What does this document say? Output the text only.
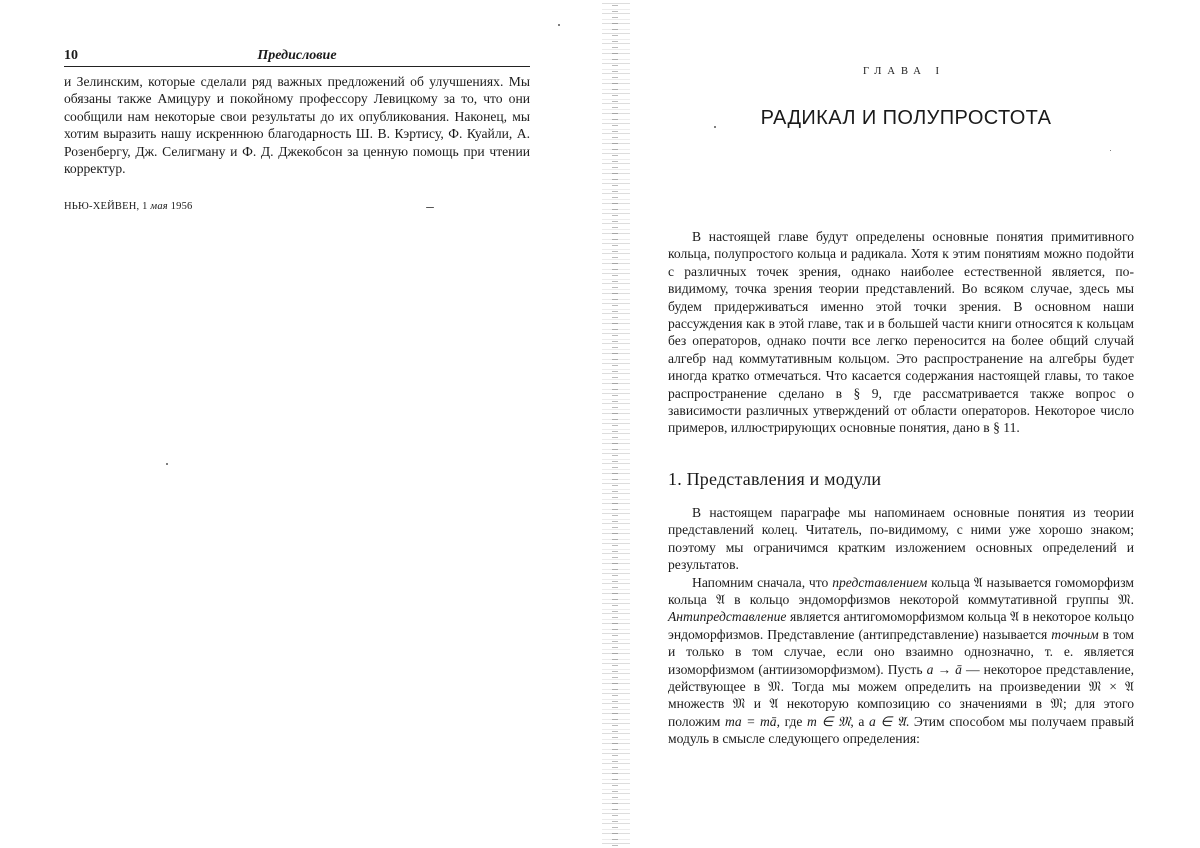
10	Предисловие

и Зелинским, которые сделали ряд важных предложений об улучшениях. Мы обязаны также Амицуру и покойному профессору Левицкому за то, что они сообщили нам некоторые свои результаты до их опубликования. Наконец, мы хотим выразить нашу искреннюю благодарность Ш. В. Кэртису, Ф. Куайли, А. Розенбергу, Дж. Селигману и Ф. Д. Джекобсон за ценную помощь при чтении корректур.

НЬЮ-ХЕЙВЕН, 1 мая 1956
ГЛАВА I
РАДИКАЛ И ПОЛУПРОСТОТА

В настоящей главе будут определены основные понятия примитивного кольца, полупростого кольца и радикала. Хотя к этим понятиям можно подойти с различных точек зрения, однако наиболее естественной является, по-видимому, точка зрения теории представлений. Во всяком случае, здесь мы будем придерживаться именно этой точки зрения. В основном наши рассуждения как в этой главе, так и в большей части книги относятся к кольцам без операторов, однако почти все легко переносится на более общий случай алгебр над коммутативным кольцом. Это распространение на алгебры будет иногда кратко отмечаться. Что касается содержания настоящей главы, то такое распространение сделано в § 9, где рассматривается также вопрос о зависимости различных утверждений от области операторов. Некоторое число примеров, иллюстрирующих основные понятия, дано в § 11.

1. Представления и модули

В настоящем параграфе мы напоминаем основные понятия из теории представлений колец. Читатель, по-видимому, с ними уже хорошо знаком; поэтому мы ограничимся кратким изложением основных определений и результатов.

Напомним сначала, что представлением кольца 𝔄 называется гомоморфизм кольца 𝔄 в кольцо эндоморфизмов некоторой коммутативной группы 𝔐. Антипредставление является антигомоморфизмом кольца 𝔄 в некоторое кольцо эндоморфизмов. Представление (антипредставление) называется точным в том и только в том случае, если оно взаимно однозначно, т. е. является изоморфизмом (антиизоморфизмом). Пусть a → ā — некоторое представление, действующее в 𝔐. Тогда мы можем определить на произведении 𝔐 × 𝔄 множеств 𝔐 и 𝔄 некоторую композицию со значениями в 𝔐; для этого положим ma = mā, где m ∈ 𝔐, а a ∈ 𝔄. Этим способом мы получаем правый модуль в смысле следующего определения:
